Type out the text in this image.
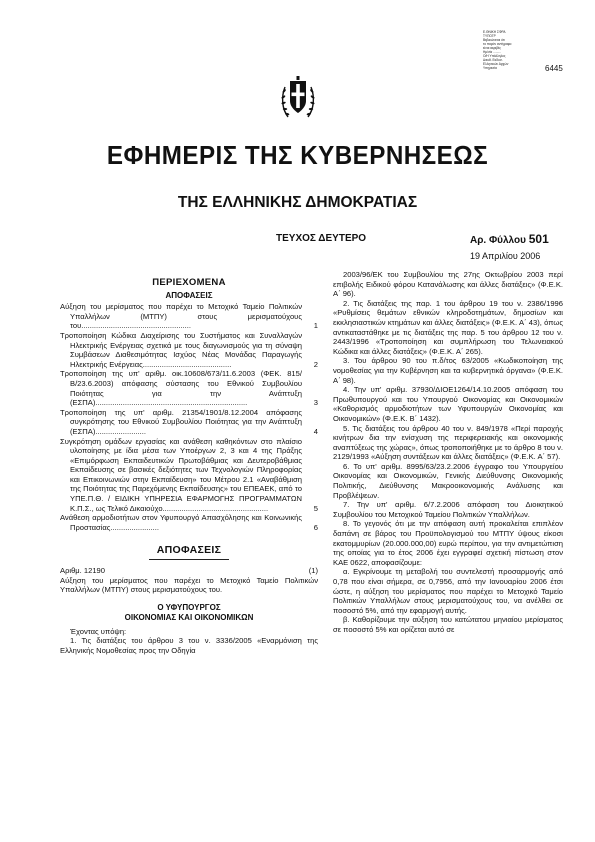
Ε.ΘΝΙΚΗ ΣΦΡΑ
ΤΥΠΟΓΡ
Βεβαιώνεται ότι
το παρόν αντίγραφο
είναι ακριβές
Ημ/νία .........
Ο/Η Υπάλληλος
Διευθ. Εκδοσ.
Ελληνικών Αρχών
Υπηρεσία	6445
ΕΦΗΜΕΡΙΣ ΤΗΣ ΚΥΒΕΡΝΗΣΕΩΣ
ΤΗΣ ΕΛΛΗΝΙΚΗΣ ΔΗΜΟΚΡΑΤΙΑΣ
ΤΕΥΧΟΣ ΔΕΥΤΕΡΟ	Αρ. Φύλλου 501
19 Απριλίου 2006
ΠΕΡΙΕΧΟΜΕΝΑ
ΑΠΟΦΑΣΕΙΣ
Αύξηση του μερίσματος που παρέχει το Μετοχικό Ταμείο Πολιτικών Υπαλλήλων (ΜΤΠΥ) στους μερισματούχους του....................................................	1
Τροποποίηση Κώδικα Διαχείρισης του Συστήματος και Συναλλαγών Ηλεκτρικής Ενέργειας σχετικά με τους διαγωνισμούς για τη σύναψη Συμβάσεων Διαθεσιμότητας Ισχύος Νέας Μονάδας Παραγωγής Ηλεκτρικής Ενέργειας..........................................	2
Τροποποίηση της υπ' αριθμ. οικ.10608/673/11.6.2003 (ΦΕΚ. 815/Β/23.6.2003) απόφασης σύστασης του Εθνικού Συμβουλίου Ποιότητας για την Ανάπτυξη (ΕΣΠΑ)........................................................................	3
Τροποποίηση της υπ' αριθμ. 21354/1901/8.12.2004 απόφασης συγκρότησης του Εθνικού Συμβουλίου Ποιότητας για την Ανάπτυξη (ΕΣΠΑ)........................	4
Συγκρότηση ομάδων εργασίας και ανάθεση καθηκόντων στο πλαίσιο υλοποίησης με ίδια μέσα των Υποέργων 2, 3 και 4 της Πράξης «Επιμόρφωση Εκπαιδευτικών Πρωτοβάθμιας και Δευτεροβάθμιας Εκπαίδευσης σε βασικές δεξιότητες των Τεχνολογιών Πληροφορίας και Επικοινωνιών στην Εκπαίδευση» του Μέτρου 2.1 «Αναβάθμιση της Ποιότητας της Παρεχόμενης Εκπαίδευσης» του ΕΠΕΑΕΚ, από το ΥΠΕ.Π.Θ. / ΕΙΔΙΚΗ ΥΠΗΡΕΣΙΑ ΕΦΑΡΜΟΓΗΣ ΠΡΟΓΡΑΜΜΑΤΩΝ Κ.Π.Σ., ως Τελικό Δικαιούχο..................................................	5
Ανάθεση αρμοδιοτήτων στον Υφυπουργό Απασχόλησης και Κοινωνικής Προστασίας.......................	6
ΑΠΟΦΑΣΕΙΣ
Αριθμ. 12190	(1)

Αύξηση του μερίσματος που παρέχει το Μετοχικό Ταμείο Πολιτικών Υπαλλήλων (ΜΤΠΥ) στους μερισματούχους του.

Ο ΥΦΥΠΟΥΡΓΟΣ
ΟΙΚΟΝΟΜΙΑΣ ΚΑΙ ΟΙΚΟΝΟΜΙΚΩΝ

Έχοντας υπόψη:

1. Τις διατάξεις του άρθρου 3 του ν. 3336/2005 «Εναρμόνιση της Ελληνικής Νομοθεσίας προς την Οδηγία

2003/96/ΕΚ του Συμβουλίου της 27ης Οκτωβρίου 2003 περί επιβολής Ειδικού φόρου Κατανάλωσης και άλλες διατάξεις» (Φ.Ε.Κ. Α΄ 96).

2. Τις διατάξεις της παρ. 1 του άρθρου 19 του ν. 2386/1996 «Ρυθμίσεις θεμάτων εθνικών κληροδοτημάτων, δημοσίων και εκκλησιαστικών κτημάτων και άλλες διατάξεις» (Φ.Ε.Κ. Α΄ 43), όπως αντικαταστάθηκε με τις διατάξεις της παρ. 5 του άρθρου 12 του ν. 2443/1996 «Τροποποίηση και συμπλήρωση του Τελωνειακού Κώδικα και άλλες διατάξεις» (Φ.Ε.Κ. Α΄ 265).

3. Του άρθρου 90 του π.δ/τος 63/2005 «Κωδικοποίηση της νομοθεσίας για την Κυβέρνηση και τα κυβερνητικά όργανα» (Φ.Ε.Κ. Α΄ 98).

4. Την υπ' αριθμ. 37930/ΔΙΟΕ1264/14.10.2005 απόφαση του Πρωθυπουργού και του Υπουργού Οικονομίας και Οικονομικών «Καθορισμός αρμοδιοτήτων των Υφυπουργών Οικονομίας και Οικονομικών» (Φ.Ε.Κ. Β΄ 1432).

5. Τις διατάξεις του άρθρου 40 του ν. 849/1978 «Περί παροχής κινήτρων δια την ενίσχυση της περιφερειακής και οικονομικής αναπτύξεως της χώρας», όπως τροποποιήθηκε με το άρθρο 8 του ν. 2129/1993 «Αύξηση συντάξεων και άλλες διατάξεις» (Φ.Ε.Κ. Α΄ 57).

6. Το υπ' αριθμ. 8995/63/23.2.2006 έγγραφο του Υπουργείου Οικονομίας και Οικονομικών, Γενικής Διεύθυνσης Οικονομικής Πολιτικής, Διεύθυνσης Μακροοικονομικής Ανάλυσης και Προβλέψεων.

7. Την υπ' αριθμ. 6/7.2.2006 απόφαση του Διοικητικού Συμβουλίου του Μετοχικού Ταμείου Πολιτικών Υπαλλήλων.

8. Το γεγονός ότι με την απόφαση αυτή προκαλείται επιπλέον δαπάνη σε βάρος του Προϋπολογισμού του ΜΤΠΥ ύψους είκοσι εκατομμυρίων (20.000.000,00) ευρώ περίπου, για την αντιμετώπιση της οποίας για το έτος 2006 έχει εγγραφεί σχετική πίστωση στον ΚΑΕ 0622, αποφασίζουμε:

α. Εγκρίνουμε τη μεταβολή του συντελεστή προσαρμογής από 0,78 που είναι σήμερα, σε 0,7956, από την Ιανουαρίου 2006 έτσι ώστε, η αύξηση του μερίσματος που παρέχει το Μετοχικό Ταμείο Πολιτικών Υπαλλήλων στους μερισματούχους του, να ανέλθει σε ποσοστό 5%, από την εφαρμογή αυτής.

β. Καθορίζουμε την αύξηση του κατώτατου μηνιαίου μερίσματος σε ποσοστό 5% και ορίζεται αυτό σε
